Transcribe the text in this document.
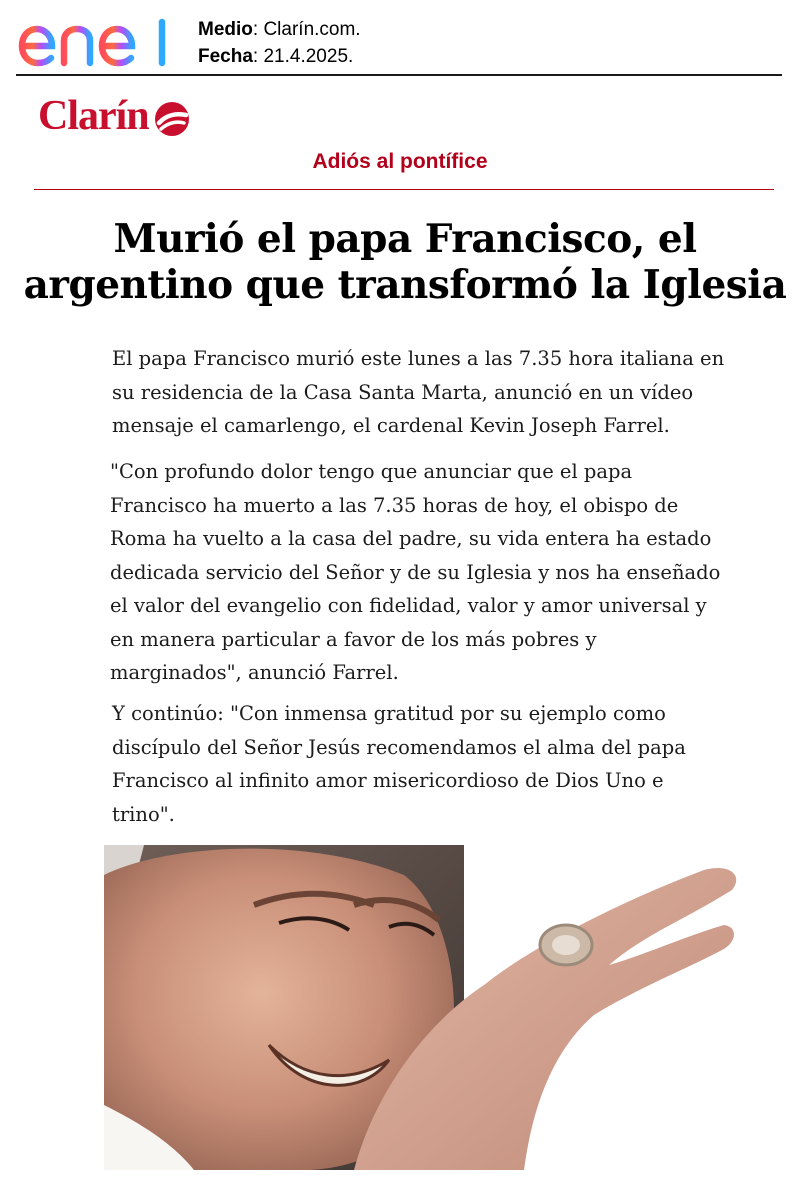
Medio: Clarín.com.
Fecha: 21.4.2025.
Clarín
Adiós al pontífice
Murió el papa Francisco, el argentino que transformó la Iglesia

El papa Francisco murió este lunes a las 7.35 hora italiana en su residencia de la Casa Santa Marta, anunció en un vídeo mensaje el camarlengo, el cardenal Kevin Joseph Farrel.

"Con profundo dolor tengo que anunciar que el papa Francisco ha muerto a las 7.35 horas de hoy, el obispo de Roma ha vuelto a la casa del padre, su vida entera ha estado dedicada servicio del Señor y de su Iglesia y nos ha enseñado el valor del evangelio con fidelidad, valor y amor universal y en manera particular a favor de los más pobres y marginados", anunció Farrel.

Y continúo: "Con inmensa gratitud por su ejemplo como discípulo del Señor Jesús recomendamos el alma del papa Francisco al infinito amor misericordioso de Dios Uno e trino".
